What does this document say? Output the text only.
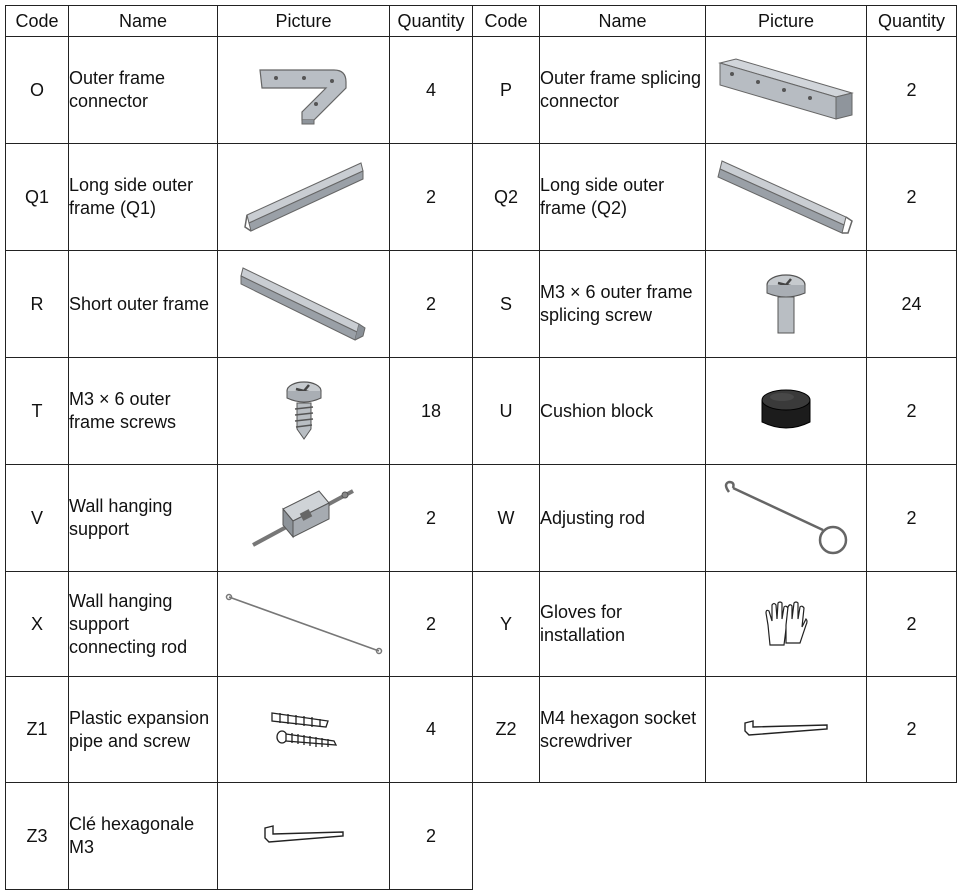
Code	Name	Picture	Quantity	Code	Name	Picture	Quantity
O	Outer frame connector		4	P	Outer frame splicing connector		2
Q1	Long side outer frame (Q1)		2	Q2	Long side outer frame (Q2)		2
R	Short outer frame		2	S	M3 × 6 outer frame splicing screw		24
T	M3 × 6 outer frame screws		18	U	Cushion block		2
V	Wall hanging support		2	W	Adjusting rod		2
X	Wall hanging support connecting rod		2	Y	Gloves for installation		2
Z1	Plastic expansion pipe and screw		4	Z2	M4 hexagon socket screwdriver		2
Z3	Clé hexagonale M3		2				
